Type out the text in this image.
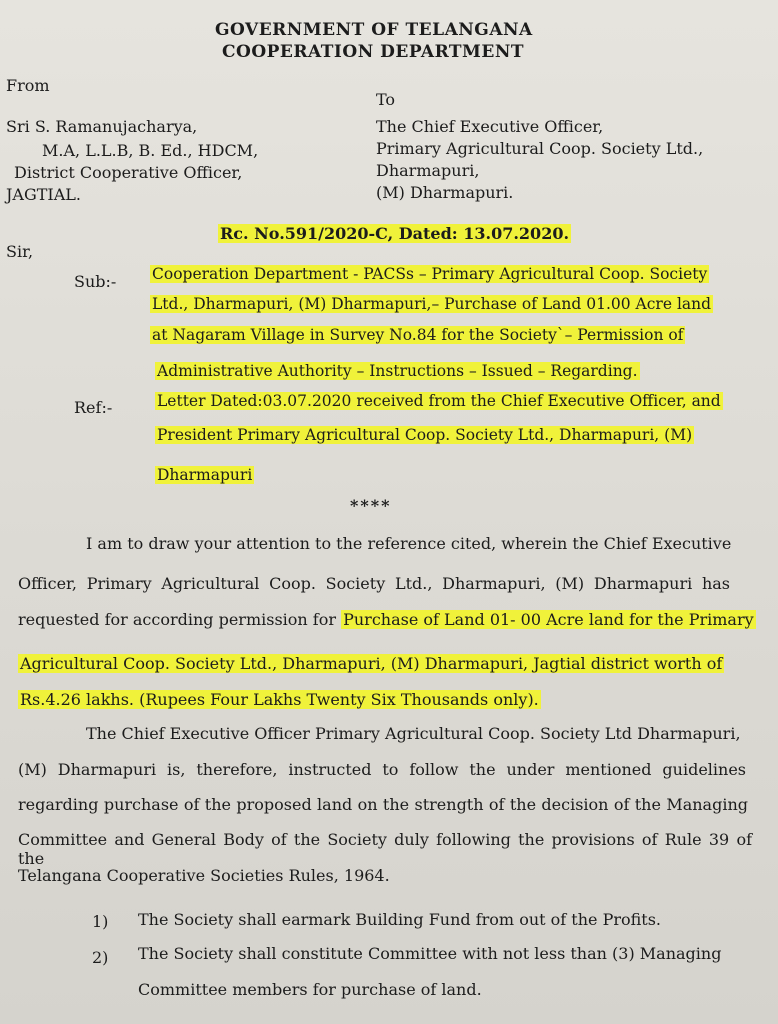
GOVERNMENT OF TELANGANA
COOPERATION DEPARTMENT
From
Sri S. Ramanujacharya,
M.A, L.L.B, B. Ed., HDCM,
District Cooperative Officer,
JAGTIAL.
To
The Chief Executive Officer,
Primary Agricultural Coop. Society Ltd.,
Dharmapuri,
(M) Dharmapuri.
Rc. No.591/2020-C, Dated: 13.07.2020.
Sir,
Sub:- Cooperation Department - PACSs – Primary Agricultural Coop. Society
Ltd., Dharmapuri, (M) Dharmapuri,– Purchase of Land 01.00 Acre land
at Nagaram Village in Survey No.84 for the Society`– Permission of
Administrative Authority – Instructions – Issued – Regarding.
Ref:-	Letter Dated:03.07.2020 received from the Chief Executive Officer, and
President Primary Agricultural Coop. Society Ltd., Dharmapuri, (M)
Dharmapuri
****
I am to draw your attention to the reference cited, wherein the Chief Executive
Officer, Primary Agricultural Coop. Society Ltd., Dharmapuri, (M) Dharmapuri has
requested for according permission for Purchase of Land 01- 00 Acre land for the Primary
Agricultural Coop. Society Ltd., Dharmapuri, (M) Dharmapuri, Jagtial district worth of
Rs.4.26 lakhs. (Rupees Four Lakhs Twenty Six Thousands only).
The Chief Executive Officer Primary Agricultural Coop. Society Ltd Dharmapuri,
(M) Dharmapuri is, therefore, instructed to follow the under mentioned guidelines
regarding purchase of the proposed land on the strength of the decision of the Managing
Committee and General Body of the Society duly following the provisions of Rule 39 of the
Telangana Cooperative Societies Rules, 1964.
1) The Society shall earmark Building Fund from out of the Profits.
2) The Society shall constitute Committee with not less than (3) Managing
Committee members for purchase of land.
